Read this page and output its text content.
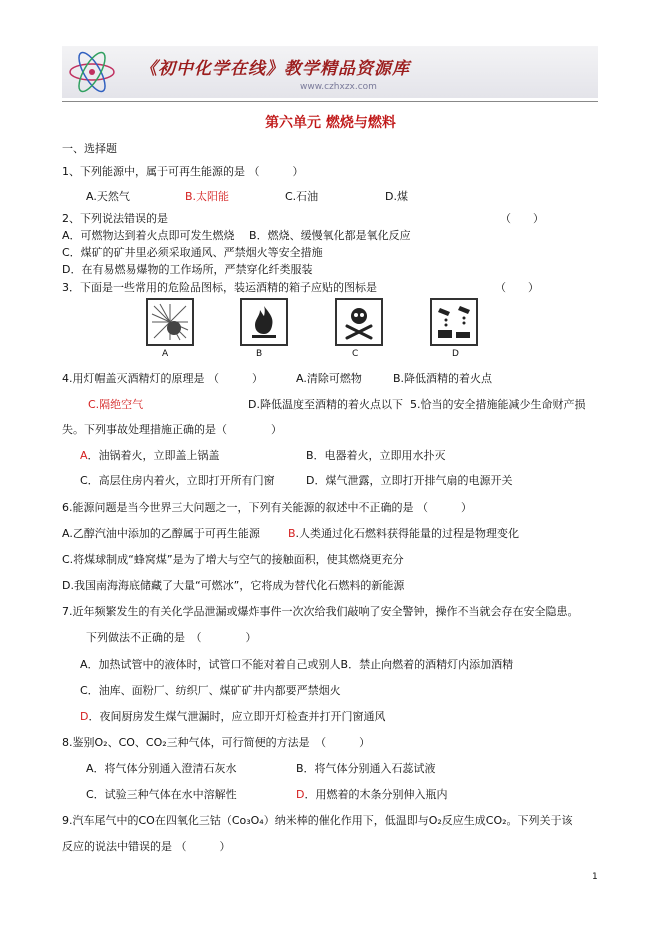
《初中化学在线》教学精品资源库
www.czhxzx.com
第六单元 燃烧与燃料
一、选择题
1、下列能源中，属于可再生能源的是 （　　　）
A.天然气	B.太阳能	C.石油	D.煤
2、下列说法错误的是	（　　）
A．可燃物达到着火点即可发生燃烧　 B．燃烧、缓慢氧化都是氧化反应
C．煤矿的矿井里必须采取通风、严禁烟火等安全措施
D．在有易燃易爆物的工作场所，严禁穿化纤类服装
3．下面是一些常用的危险品图标，装运酒精的箱子应贴的图标是	（　　）
A	B	C	D
4.用灯帽盖灭酒精灯的原理是 （　　　）	A.清除可燃物	B.降低酒精的着火点
C.隔绝空气	D.降低温度至酒精的着火点以下 5.恰当的安全措施能减少生命财产损
失。下列事故处理措施正确的是（　　　　）
A．油锅着火，立即盖上锅盖	B．电器着火，立即用水扑灭
C．高层住房内着火，立即打开所有门窗	D．煤气泄露，立即打开排气扇的电源开关
6.能源问题是当今世界三大问题之一，下列有关能源的叙述中不正确的是 （　　　）
A.乙醇汽油中添加的乙醇属于可再生能源	B.人类通过化石燃料获得能量的过程是物理变化
C.将煤球制成“蜂窝煤”是为了增大与空气的接触面积，使其燃烧更充分
D.我国南海海底储藏了大量“可燃冰”，它将成为替代化石燃料的新能源
7.近年频繁发生的有关化学品泄漏或爆炸事件一次次给我们敲响了安全警钟，操作不当就会存在安全隐患。
下列做法不正确的是　（　　　　）
A．加热试管中的液体时，试管口不能对着自己或别人B．禁止向燃着的酒精灯内添加酒精
C．油库、面粉厂、纺织厂、煤矿矿井内都要严禁烟火
D．夜间厨房发生煤气泄漏时，应立即开灯检查并打开门窗通风
8.鉴别O₂、CO、CO₂三种气体，可行简便的方法是　（　　　）
A．将气体分别通入澄清石灰水	B．将气体分别通入石蕊试液
C．试验三种气体在水中溶解性	D．用燃着的木条分别伸入瓶内
9.汽车尾气中的CO在四氧化三钴（Co₃O₄）纳米棒的催化作用下，低温即与O₂反应生成CO₂。下列关于该
反应的说法中错误的是 （　　　）
1
